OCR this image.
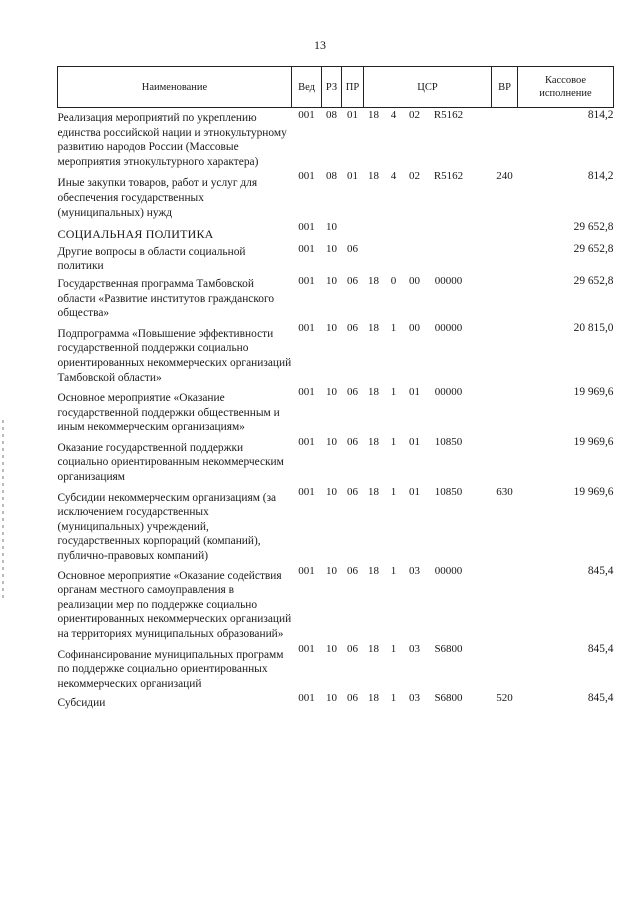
13
Наименование	Вед	РЗ	ПР	ЦСР	ВР	Кассовое исполнение
Реализация мероприятий по укреплению единства российской нации и этнокультурному развитию народов России (Массовые мероприятия этнокультурного характера)	001	08	01	18 4 02 R5162		814,2
Иные закупки товаров, работ и услуг для обеспечения государственных (муниципальных) нужд	001	08	01	18 4 02 R5162	240	814,2
СОЦИАЛЬНАЯ ПОЛИТИКА	001	10				29 652,8
Другие вопросы в области социальной политики	001	10	06			29 652,8
Государственная программа Тамбовской области «Развитие институтов гражданского общества»	001	10	06	18 0 00 00000		29 652,8
Подпрограмма «Повышение эффективности государственной поддержки социально ориентированных некоммерческих организаций Тамбовской области»	001	10	06	18 1 00 00000		20 815,0
Основное мероприятие «Оказание государственной поддержки общественным и иным некоммерческим организациям»	001	10	06	18 1 01 00000		19 969,6
Оказание государственной поддержки социально ориентированным некоммерческим организациям	001	10	06	18 1 01 10850		19 969,6
Субсидии некоммерческим организациям (за исключением государственных (муниципальных) учреждений, государственных корпораций (компаний), публично-правовых компаний)	001	10	06	18 1 01 10850	630	19 969,6
Основное мероприятие «Оказание содействия органам местного самоуправления в реализации мер по поддержке социально ориентированных некоммерческих организаций на территориях муниципальных образований»	001	10	06	18 1 03 00000		845,4
Софинансирование муниципальных программ по поддержке социально ориентированных некоммерческих организаций	001	10	06	18 1 03 S6800		845,4
Субсидии	001	10	06	18 1 03 S6800	520	845,4
